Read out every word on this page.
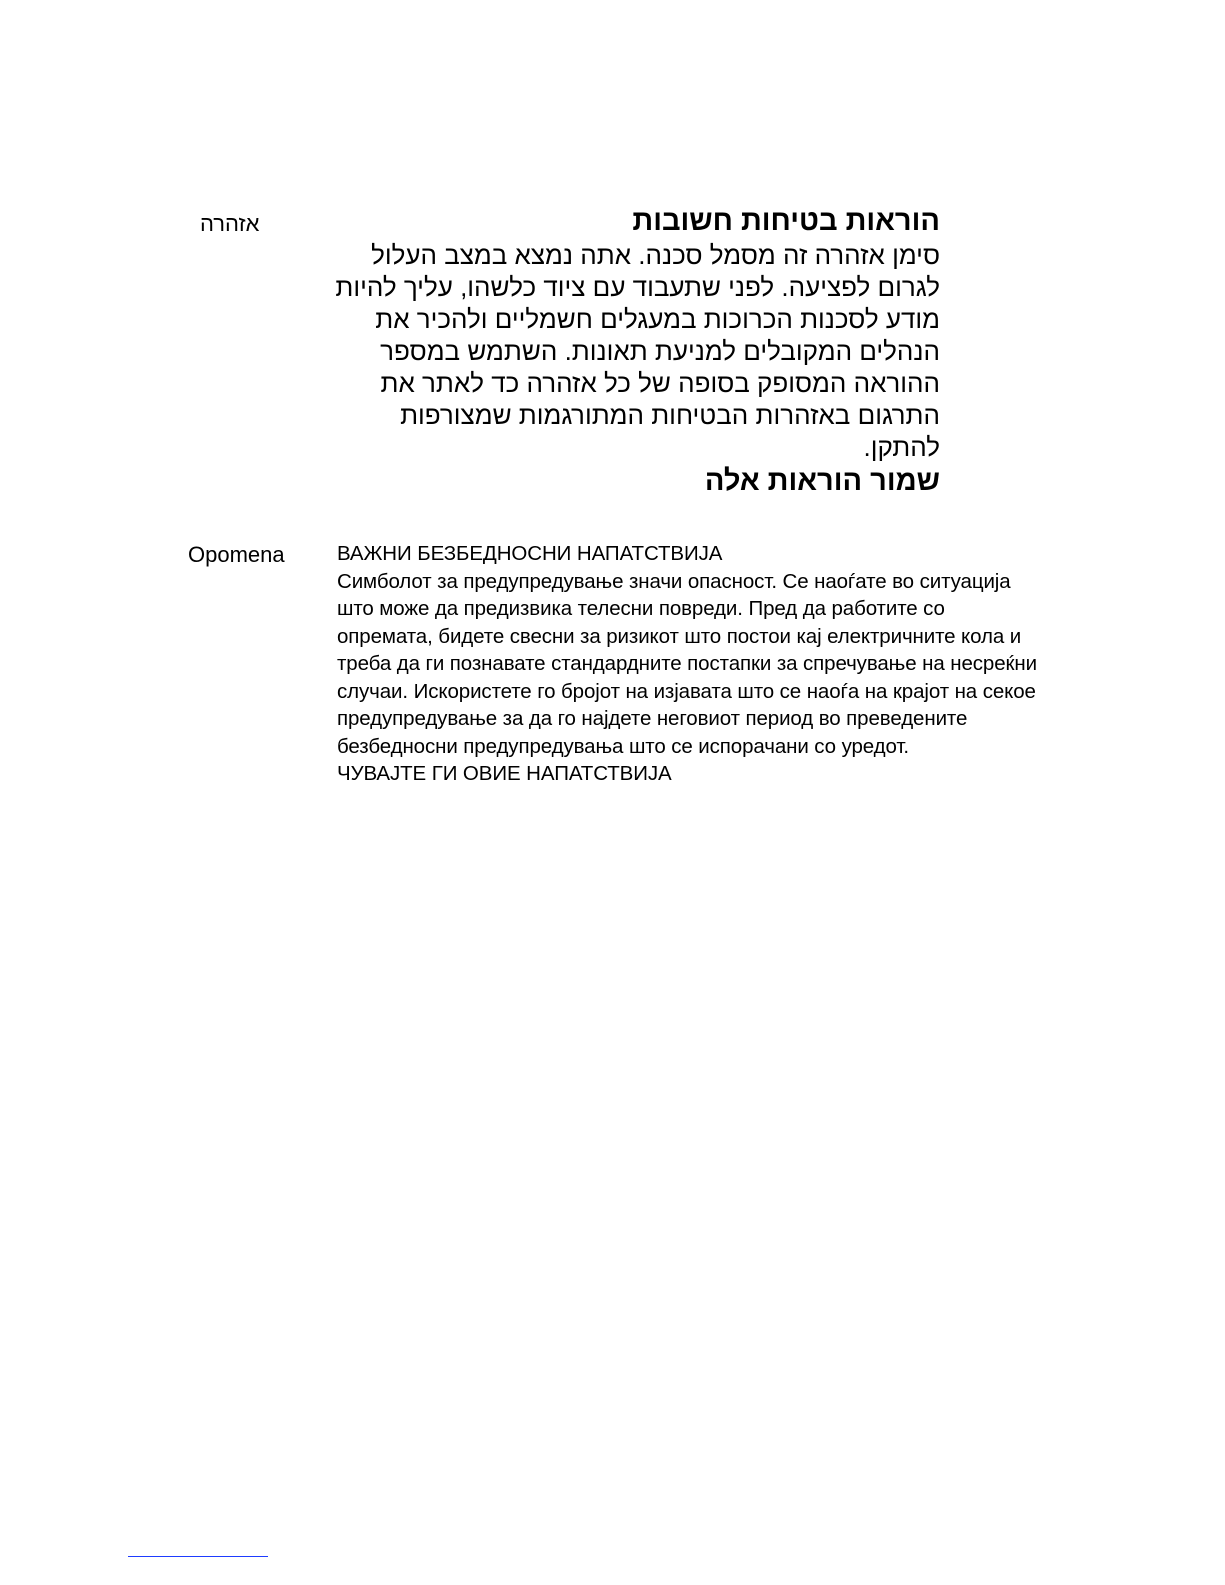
אזהרה	הוראות בטיחות חשובות

סימן אזהרה זה מסמל סכנה. אתה נמצא במצב העלול

לגרום לפציעה. לפני שתעבוד עם ציוד כלשהו, עליך להיות

מודע לסכנות הכרוכות במעגלים חשמליים ולהכיר את

הנהלים המקובלים למניעת תאונות. השתמש במספר

ההוראה המסופק בסופה של כל אזהרה כד לאתר את

התרגום באזהרות הבטיחות המתורגמות שמצורפות

להתקן.

שמור הוראות אלה

Opomena	ВАЖНИ БЕЗБЕДНОСНИ НАПАТСТВИЈА
Симболот за предупредување значи опасност. Се наоѓате во ситуација
што може да предизвика телесни повреди. Пред да работите со
опремата, бидете свесни за ризикот што постои кај електричните кола и
треба да ги познавате стандардните постапки за спречување на несреќни
случаи. Искористете го бројот на изјавата што се наоѓа на крајот на секое
предупредување за да го најдете неговиот период во преведените
безбедносни предупредувања што се испорачани со уредот.
ЧУВАЈТЕ ГИ ОВИЕ НАПАТСТВИЈА
